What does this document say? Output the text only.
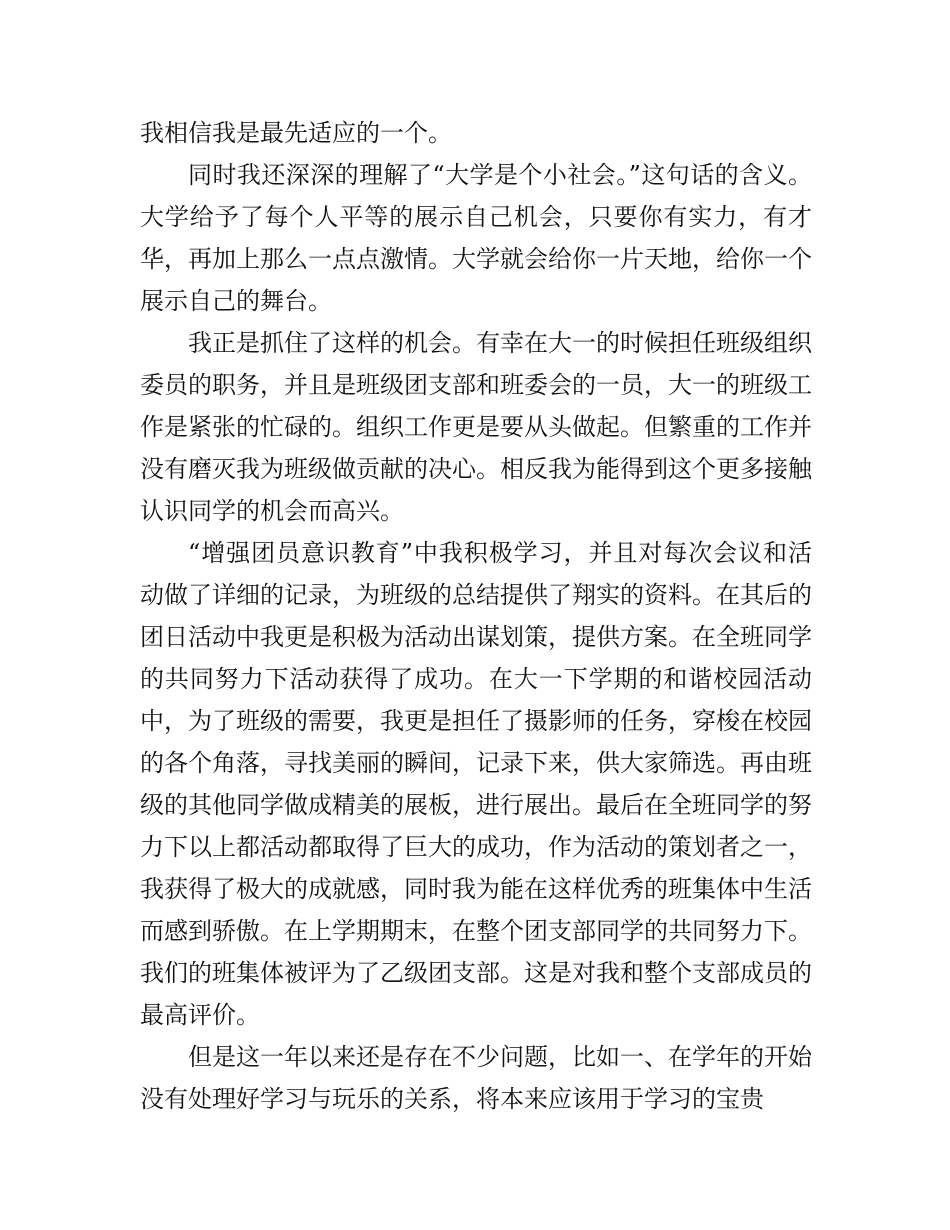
我相信我是最先适应的一个。

同时我还深深的理解了“大学是个小社会。”这句话的含义。大学给予了每个人平等的展示自己机会，只要你有实力，有才华，再加上那么一点点激情。大学就会给你一片天地，给你一个展示自己的舞台。

我正是抓住了这样的机会。有幸在大一的时候担任班级组织委员的职务，并且是班级团支部和班委会的一员，大一的班级工作是紧张的忙碌的。组织工作更是要从头做起。但繁重的工作并没有磨灭我为班级做贡献的决心。相反我为能得到这个更多接触认识同学的机会而高兴。

“增强团员意识教育”中我积极学习，并且对每次会议和活动做了详细的记录，为班级的总结提供了翔实的资料。在其后的团日活动中我更是积极为活动出谋划策，提供方案。在全班同学的共同努力下活动获得了成功。在大一下学期的和谐校园活动中，为了班级的需要，我更是担任了摄影师的任务，穿梭在校园的各个角落，寻找美丽的瞬间，记录下来，供大家筛选。再由班级的其他同学做成精美的展板，进行展出。最后在全班同学的努力下以上都活动都取得了巨大的成功，作为活动的策划者之一，我获得了极大的成就感，同时我为能在这样优秀的班集体中生活而感到骄傲。在上学期期末，在整个团支部同学的共同努力下。我们的班集体被评为了乙级团支部。这是对我和整个支部成员的最高评价。

但是这一年以来还是存在不少问题，比如一、在学年的开始没有处理好学习与玩乐的关系，将本来应该用于学习的宝贵
